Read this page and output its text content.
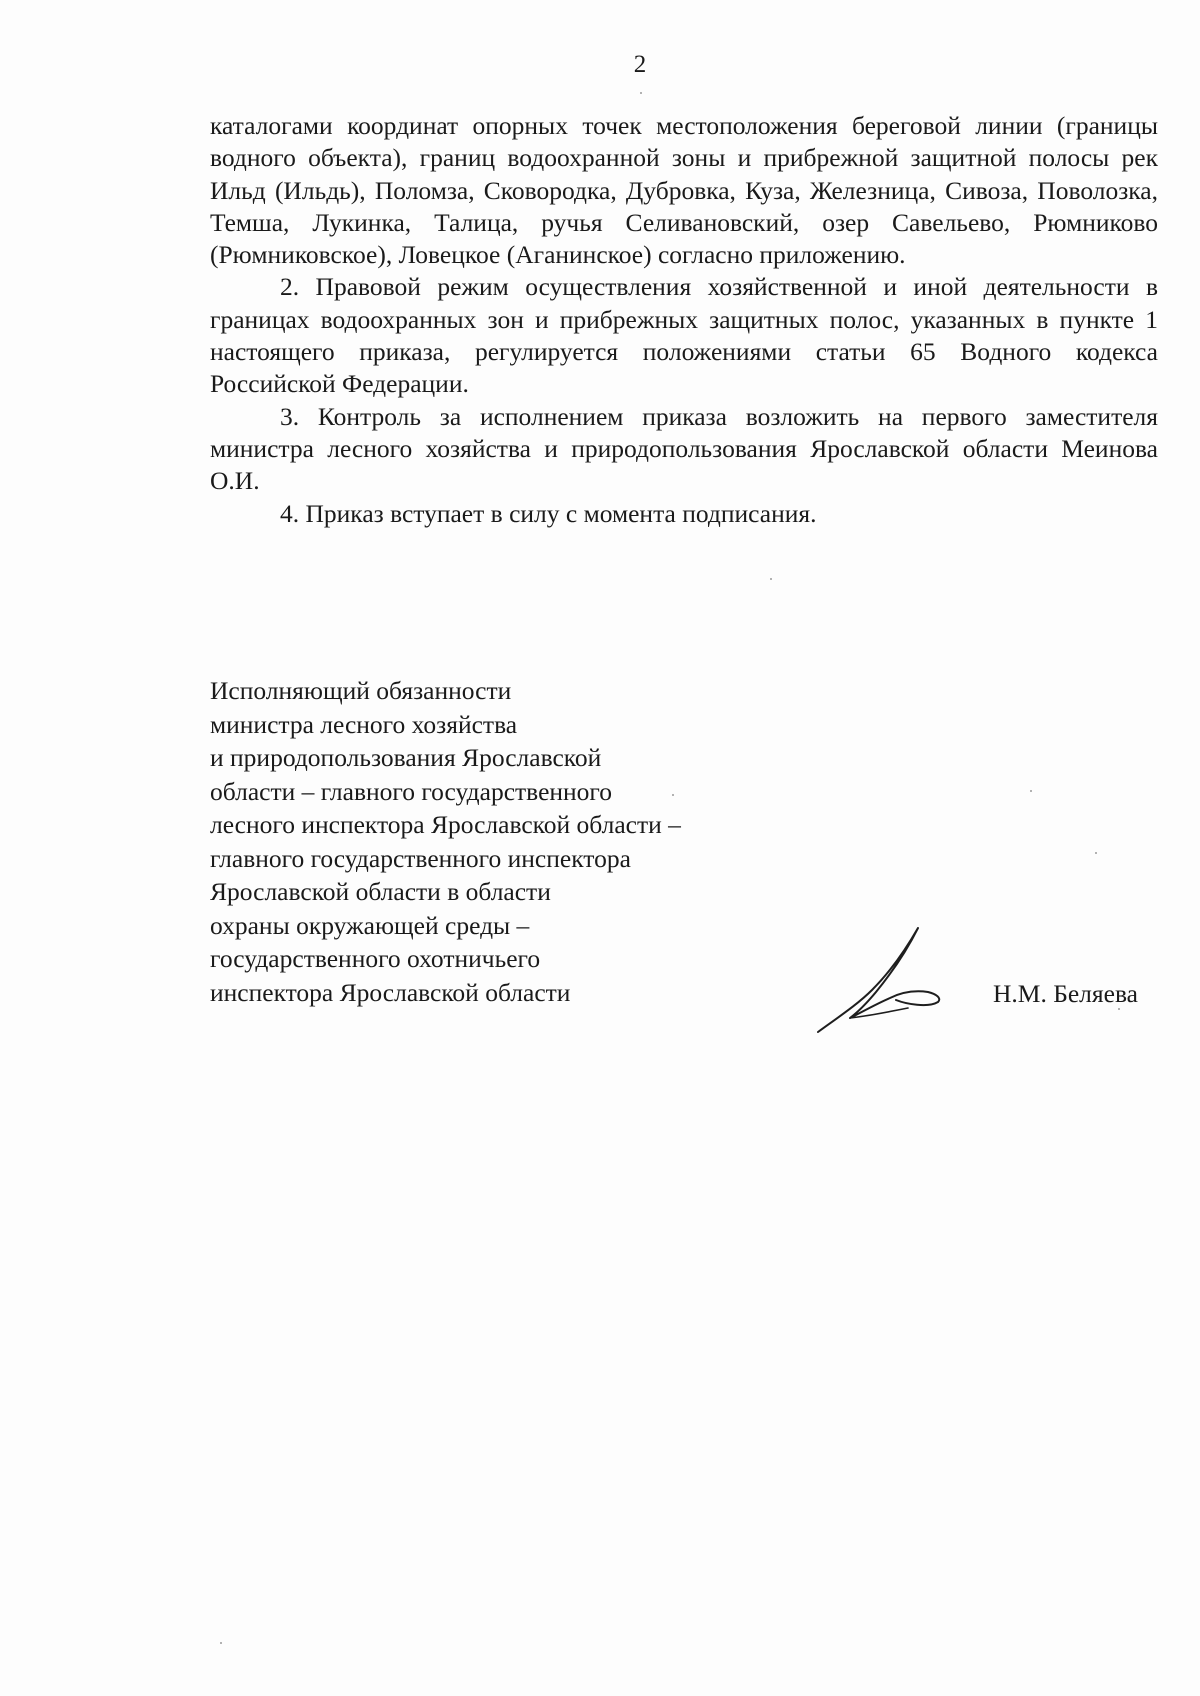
2

каталогами координат опорных точек местоположения береговой линии (границы водного объекта), границ водоохранной зоны и прибрежной защитной полосы рек Ильд (Ильдь), Поломза, Сковородка, Дубровка, Куза, Железница, Сивоза, Поволозка, Темша, Лукинка, Талица, ручья Селивановский, озер Савельево, Рюмниково (Рюмниковское), Ловецкое (Аганинское) согласно приложению.

2. Правовой режим осуществления хозяйственной и иной деятельности в границах водоохранных зон и прибрежных защитных полос, указанных в пункте 1 настоящего приказа, регулируется положениями статьи 65 Водного кодекса Российской Федерации.

3. Контроль за исполнением приказа возложить на первого заместителя министра лесного хозяйства и природопользования Ярославской области Меинова О.И.

4. Приказ вступает в силу с момента подписания.

Исполняющий обязанности
министра лесного хозяйства
и природопользования Ярославской
области – главного государственного
лесного инспектора Ярославской области –
главного государственного инспектора
Ярославской области в области
охраны окружающей среды –
государственного охотничьего
инспектора Ярославской области	Н.М. Беляева
